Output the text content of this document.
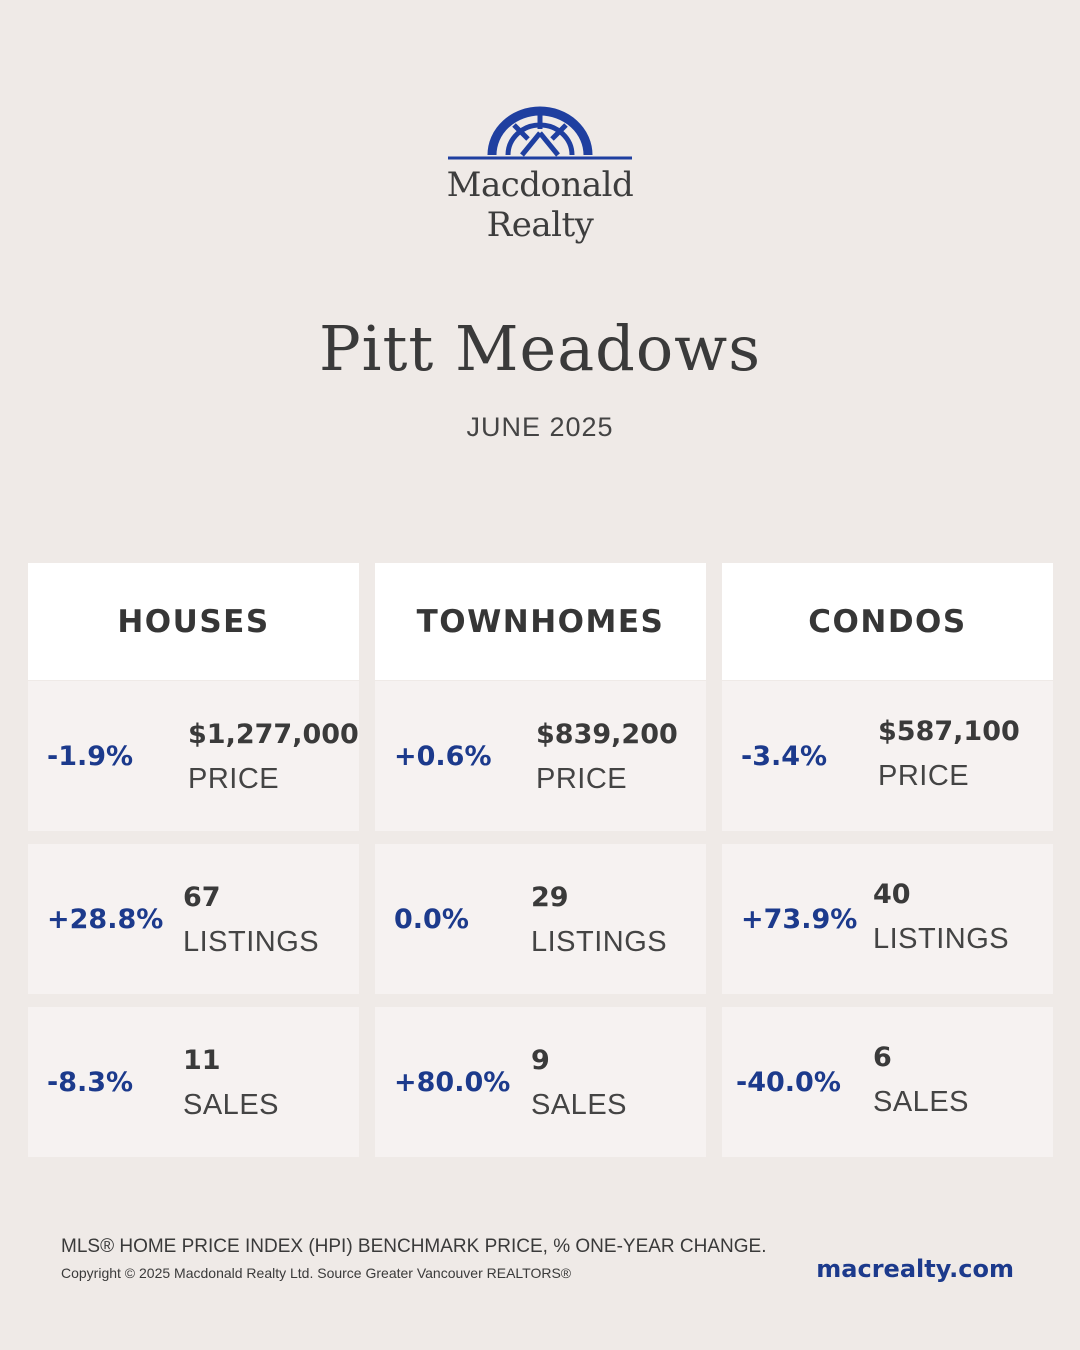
Macdonald
Realty
Pitt Meadows
JUNE 2025
HOUSES
-1.9%
$1,277,000
PRICE
+28.8%
67
LISTINGS
-8.3%
11
SALES
TOWNHOMES
+0.6%
$839,200
PRICE
0.0%
29
LISTINGS
+80.0%
9
SALES
CONDOS
-3.4%
$587,100
PRICE
+73.9%
40
LISTINGS
-40.0%
6
SALES
MLS® HOME PRICE INDEX (HPI) BENCHMARK PRICE, % ONE-YEAR CHANGE.
Copyright © 2025 Macdonald Realty Ltd. Source Greater Vancouver REALTORS®	macrealty.com
